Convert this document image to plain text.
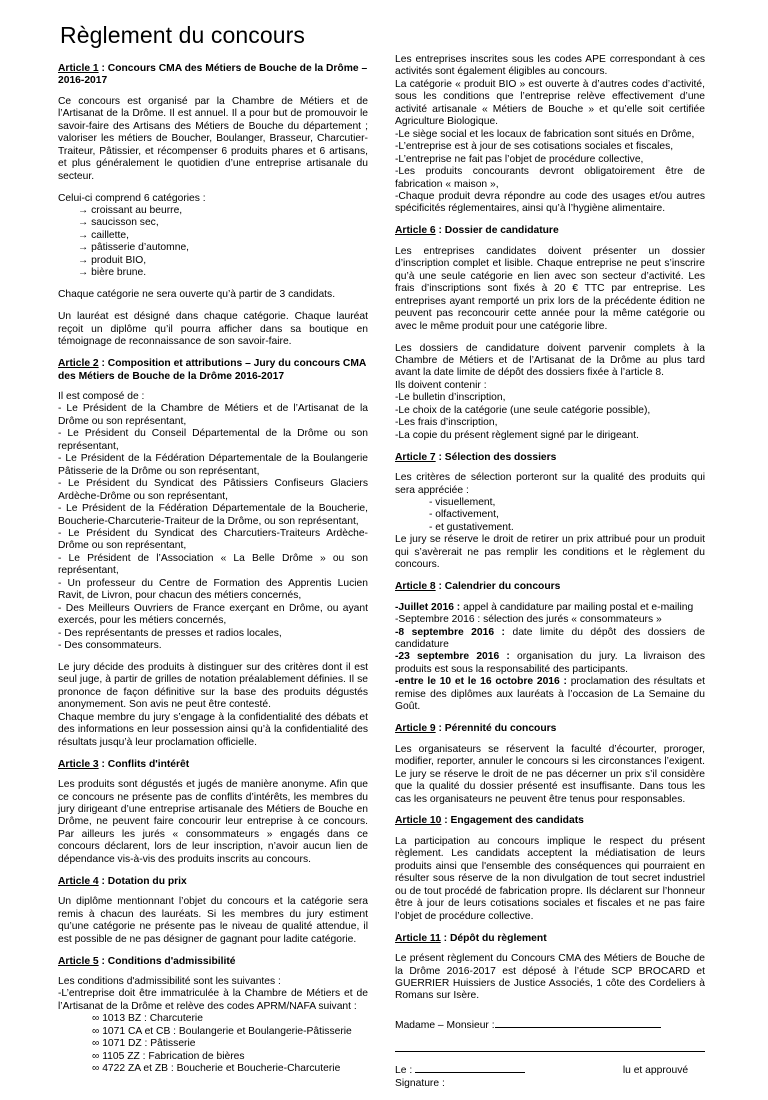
Règlement du concours
Article 1 : Concours CMA des Métiers de Bouche de la Drôme – 2016-2017
Ce concours est organisé par la Chambre de Métiers et de l’Artisanat de la Drôme. Il est annuel. Il a pour but de promouvoir le savoir-faire des Artisans des Métiers de Bouche du département ; valoriser les métiers de Boucher, Boulanger, Brasseur, Charcutier-Traiteur, Pâtissier, et récompenser 6 produits phares et 6 artisans, et plus généralement le quotidien d’une entreprise artisanale du secteur.
Celui-ci comprend 6 catégories :
→ croissant au beurre,
→ saucisson sec,
→ caillette,
→ pâtisserie d’automne,
→ produit BIO,
→ bière brune.
Chaque catégorie ne sera ouverte qu’à partir de 3 candidats.
Un lauréat est désigné dans chaque catégorie. Chaque lauréat reçoit un diplôme qu’il pourra afficher dans sa boutique en témoignage de reconnaissance de son savoir-faire.
Article 2 : Composition et attributions – Jury du concours CMA des Métiers de Bouche de la Drôme 2016-2017
Il est composé de :
- Le Président de la Chambre de Métiers et de l’Artisanat de la Drôme ou son représentant,
- Le Président du Conseil Départemental de la Drôme ou son représentant,
- Le Président de la Fédération Départementale de la Boulangerie Pâtisserie de la Drôme ou son représentant,
- Le Président du Syndicat des Pâtissiers Confiseurs Glaciers Ardèche-Drôme ou son représentant,
- Le Président de la Fédération Départementale de la Boucherie, Boucherie-Charcuterie-Traiteur de la Drôme, ou son représentant,
- Le Président du Syndicat des Charcutiers-Traiteurs Ardèche-Drôme ou son représentant,
- Le Président de l’Association « La Belle Drôme » ou son représentant,
- Un professeur du Centre de Formation des Apprentis Lucien Ravit, de Livron, pour chacun des métiers concernés,
- Des Meilleurs Ouvriers de France exerçant en Drôme, ou ayant exercés, pour les métiers concernés,
- Des représentants de presses et radios locales,
- Des consommateurs.
Le jury décide des produits à distinguer sur des critères dont il est seul juge, à partir de grilles de notation préalablement définies. Il se prononce de façon définitive sur la base des produits dégustés anonymement. Son avis ne peut être contesté.
Chaque membre du jury s’engage à la confidentialité des débats et des informations en leur possession ainsi qu’à la confidentialité des résultats jusqu’à leur proclamation officielle.
Article 3 : Conflits d'intérêt
Les produits sont dégustés et jugés de manière anonyme. Afin que ce concours ne présente pas de conflits d’intérêts, les membres du jury dirigeant d’une entreprise artisanale des Métiers de Bouche en Drôme, ne peuvent faire concourir leur entreprise à ce concours. Par ailleurs les jurés « consommateurs » engagés dans ce concours déclarent, lors de leur inscription, n’avoir aucun lien de dépendance vis-à-vis des produits inscrits au concours.
Article 4 : Dotation du prix
Un diplôme mentionnant l’objet du concours et la catégorie sera remis à chacun des lauréats. Si les membres du jury estiment qu’une catégorie ne présente pas le niveau de qualité attendue, il est possible de ne pas désigner de gagnant pour ladite catégorie.
Article 5 : Conditions d'admissibilité
Les conditions d'admissibilité sont les suivantes :
-L’entreprise doit être immatriculée à la Chambre de Métiers et de l’Artisanat de la Drôme et relève des codes APRM/NAFA suivant :
∞ 1013 BZ : Charcuterie
∞ 1071 CA et CB : Boulangerie et Boulangerie-Pâtisserie
∞ 1071 DZ : Pâtisserie
∞ 1105 ZZ : Fabrication de bières
∞ 4722 ZA et ZB : Boucherie et Boucherie-Charcuterie
Les entreprises inscrites sous les codes APE correspondant à ces activités sont également éligibles au concours.
La catégorie « produit BIO » est ouverte à d’autres codes d’activité, sous les conditions que l’entreprise relève effectivement d’une activité artisanale « Métiers de Bouche » et qu’elle soit certifiée Agriculture Biologique.
-Le siège social et les locaux de fabrication sont situés en Drôme,
-L’entreprise est à jour de ses cotisations sociales et fiscales,
-L’entreprise ne fait pas l’objet de procédure collective,
-Les produits concourants devront obligatoirement être de fabrication « maison »,
-Chaque produit devra répondre au code des usages et/ou autres spécificités réglementaires, ainsi qu’à l’hygiène alimentaire.
Article 6 : Dossier de candidature
Les entreprises candidates doivent présenter un dossier d’inscription complet et lisible. Chaque entreprise ne peut s’inscrire qu’à une seule catégorie en lien avec son secteur d’activité. Les frais d’inscriptions sont fixés à 20 € TTC par entreprise. Les entreprises ayant remporté un prix lors de la précédente édition ne peuvent pas reconcourir cette année pour la même catégorie ou avec le même produit pour une catégorie libre.
Les dossiers de candidature doivent parvenir complets à la Chambre de Métiers et de l’Artisanat de la Drôme au plus tard avant la date limite de dépôt des dossiers fixée à l’article 8.
Ils doivent contenir :
-Le bulletin d’inscription,
-Le choix de la catégorie (une seule catégorie possible),
-Les frais d’inscription,
-La copie du présent règlement signé par le dirigeant.
Article 7 : Sélection des dossiers
Les critères de sélection porteront sur la qualité des produits qui sera appréciée :
- visuellement,
- olfactivement,
- et gustativement.
Le jury se réserve le droit de retirer un prix attribué pour un produit qui s’avèrerait ne pas remplir les conditions et le règlement du concours.
Article 8 : Calendrier du concours
-Juillet 2016 : appel à candidature par mailing postal et e-mailing
-Septembre 2016 : sélection des jurés « consommateurs »
-8 septembre 2016 : date limite du dépôt des dossiers de candidature
-23 septembre 2016 : organisation du jury. La livraison des produits est sous la responsabilité des participants.
-entre le 10 et le 16 octobre 2016 : proclamation des résultats et remise des diplômes aux lauréats à l’occasion de La Semaine du Goût.
Article 9 : Pérennité du concours
Les organisateurs se réservent la faculté d’écourter, proroger, modifier, reporter, annuler le concours si les circonstances l’exigent. Le jury se réserve le droit de ne pas décerner un prix s’il considère que la qualité du dossier présenté est insuffisante. Dans tous les cas les organisateurs ne peuvent être tenus pour responsables.
Article 10 : Engagement des candidats
La participation au concours implique le respect du présent règlement. Les candidats acceptent la médiatisation de leurs produits ainsi que l'ensemble des conséquences qui pourraient en résulter sous réserve de la non divulgation de tout secret industriel ou de tout procédé de fabrication propre. Ils déclarent sur l’honneur être à jour de leurs cotisations sociales et fiscales et ne pas faire l’objet de procédure collective.
Article 11 : Dépôt du règlement
Le présent règlement du Concours CMA des Métiers de Bouche de la Drôme 2016-2017 est déposé à l’étude SCP BROCARD et GUERRIER Huissiers de Justice Associés, 1 côte des Cordeliers à Romans sur Isère.
Madame – Monsieur :
Le :	lu et approuvé
Signature :
